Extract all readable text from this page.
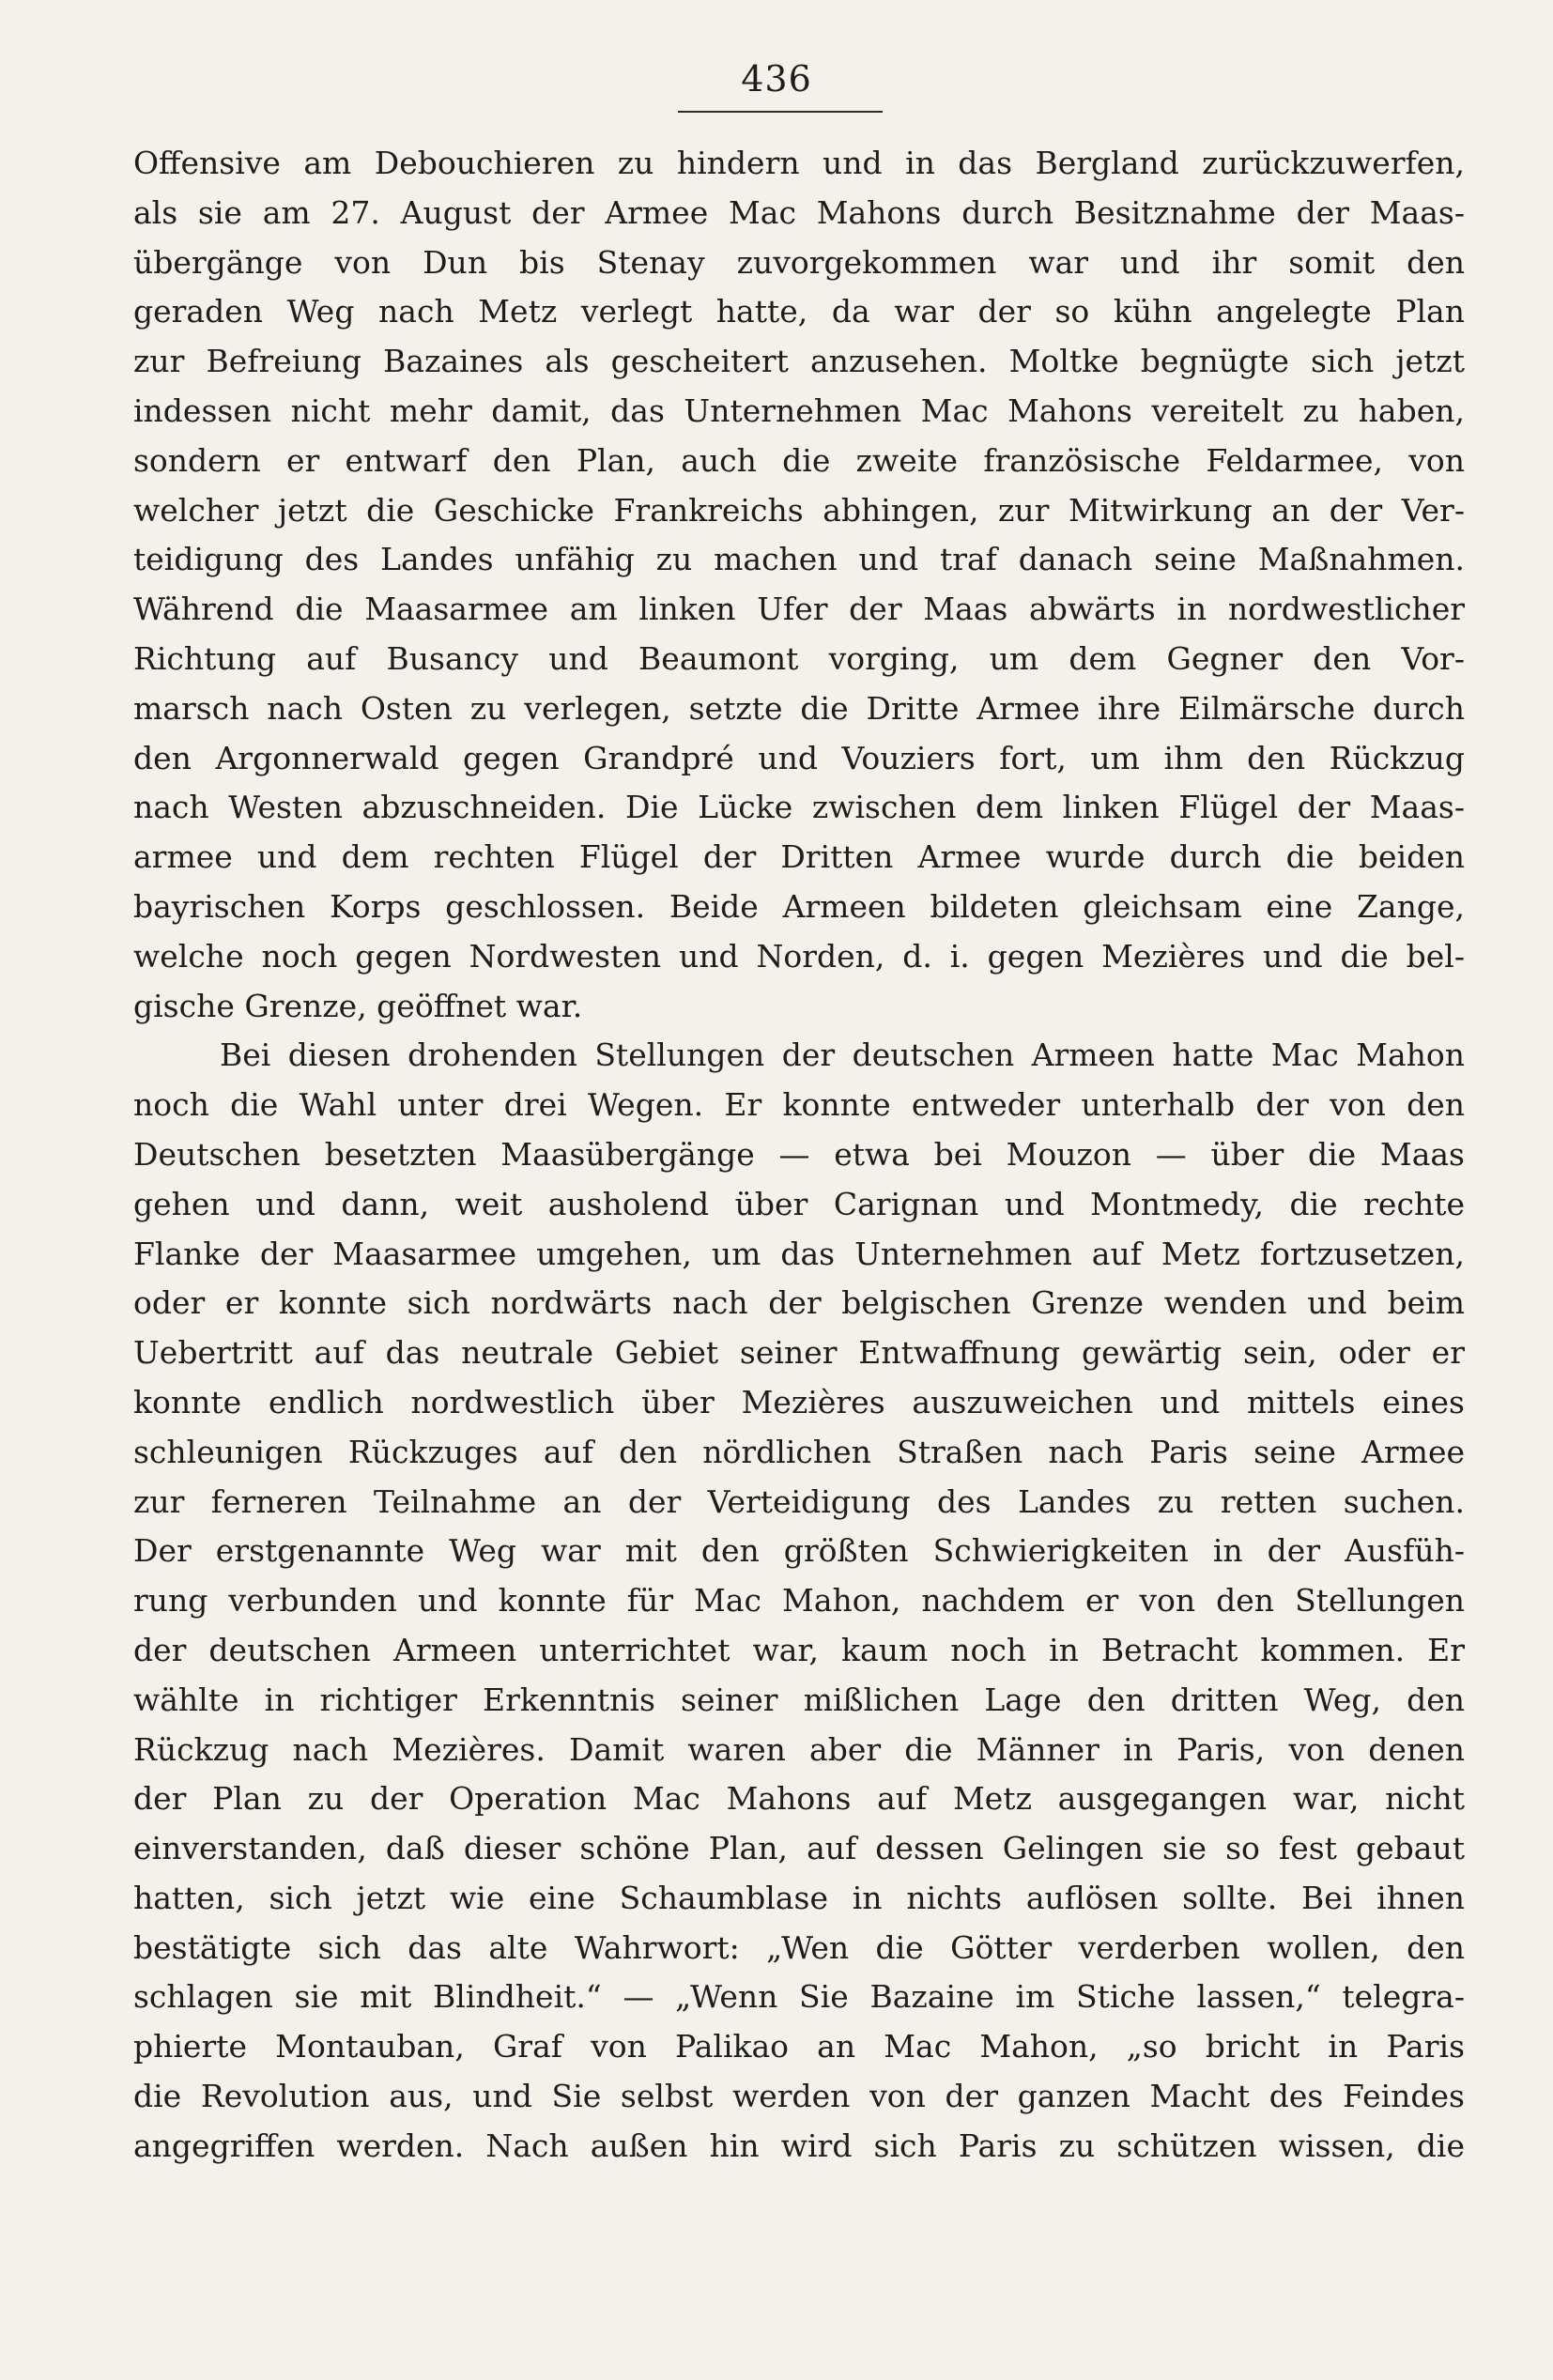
436
Offensive am Debouchieren zu hindern und in das Bergland zurückzuwerfen,
als sie am 27. August der Armee Mac Mahons durch Besitznahme der Maas-
übergänge von Dun bis Stenay zuvorgekommen war und ihr somit den
geraden Weg nach Metz verlegt hatte, da war der so kühn angelegte Plan
zur Befreiung Bazaines als gescheitert anzusehen. Moltke begnügte sich jetzt
indessen nicht mehr damit, das Unternehmen Mac Mahons vereitelt zu haben,
sondern er entwarf den Plan, auch die zweite französische Feldarmee, von
welcher jetzt die Geschicke Frankreichs abhingen, zur Mitwirkung an der Ver-
teidigung des Landes unfähig zu machen und traf danach seine Maßnahmen.
Während die Maasarmee am linken Ufer der Maas abwärts in nordwestlicher
Richtung auf Busancy und Beaumont vorging, um dem Gegner den Vor-
marsch nach Osten zu verlegen, setzte die Dritte Armee ihre Eilmärsche durch
den Argonnerwald gegen Grandpré und Vouziers fort, um ihm den Rückzug
nach Westen abzuschneiden. Die Lücke zwischen dem linken Flügel der Maas-
armee und dem rechten Flügel der Dritten Armee wurde durch die beiden
bayrischen Korps geschlossen. Beide Armeen bildeten gleichsam eine Zange,
welche noch gegen Nordwesten und Norden, d. i. gegen Mezières und die bel-
gische Grenze, geöffnet war.
Bei diesen drohenden Stellungen der deutschen Armeen hatte Mac Mahon
noch die Wahl unter drei Wegen. Er konnte entweder unterhalb der von den
Deutschen besetzten Maasübergänge — etwa bei Mouzon — über die Maas
gehen und dann, weit ausholend über Carignan und Montmedy, die rechte
Flanke der Maasarmee umgehen, um das Unternehmen auf Metz fortzusetzen,
oder er konnte sich nordwärts nach der belgischen Grenze wenden und beim
Uebertritt auf das neutrale Gebiet seiner Entwaffnung gewärtig sein, oder er
konnte endlich nordwestlich über Mezières auszuweichen und mittels eines
schleunigen Rückzuges auf den nördlichen Straßen nach Paris seine Armee
zur ferneren Teilnahme an der Verteidigung des Landes zu retten suchen.
Der erstgenannte Weg war mit den größten Schwierigkeiten in der Ausfüh-
rung verbunden und konnte für Mac Mahon, nachdem er von den Stellungen
der deutschen Armeen unterrichtet war, kaum noch in Betracht kommen. Er
wählte in richtiger Erkenntnis seiner mißlichen Lage den dritten Weg, den
Rückzug nach Mezières. Damit waren aber die Männer in Paris, von denen
der Plan zu der Operation Mac Mahons auf Metz ausgegangen war, nicht
einverstanden, daß dieser schöne Plan, auf dessen Gelingen sie so fest gebaut
hatten, sich jetzt wie eine Schaumblase in nichts auflösen sollte. Bei ihnen
bestätigte sich das alte Wahrwort: „Wen die Götter verderben wollen, den
schlagen sie mit Blindheit.“ — „Wenn Sie Bazaine im Stiche lassen,“ telegra-
phierte Montauban, Graf von Palikao an Mac Mahon, „so bricht in Paris
die Revolution aus, und Sie selbst werden von der ganzen Macht des Feindes
angegriffen werden. Nach außen hin wird sich Paris zu schützen wissen, die
